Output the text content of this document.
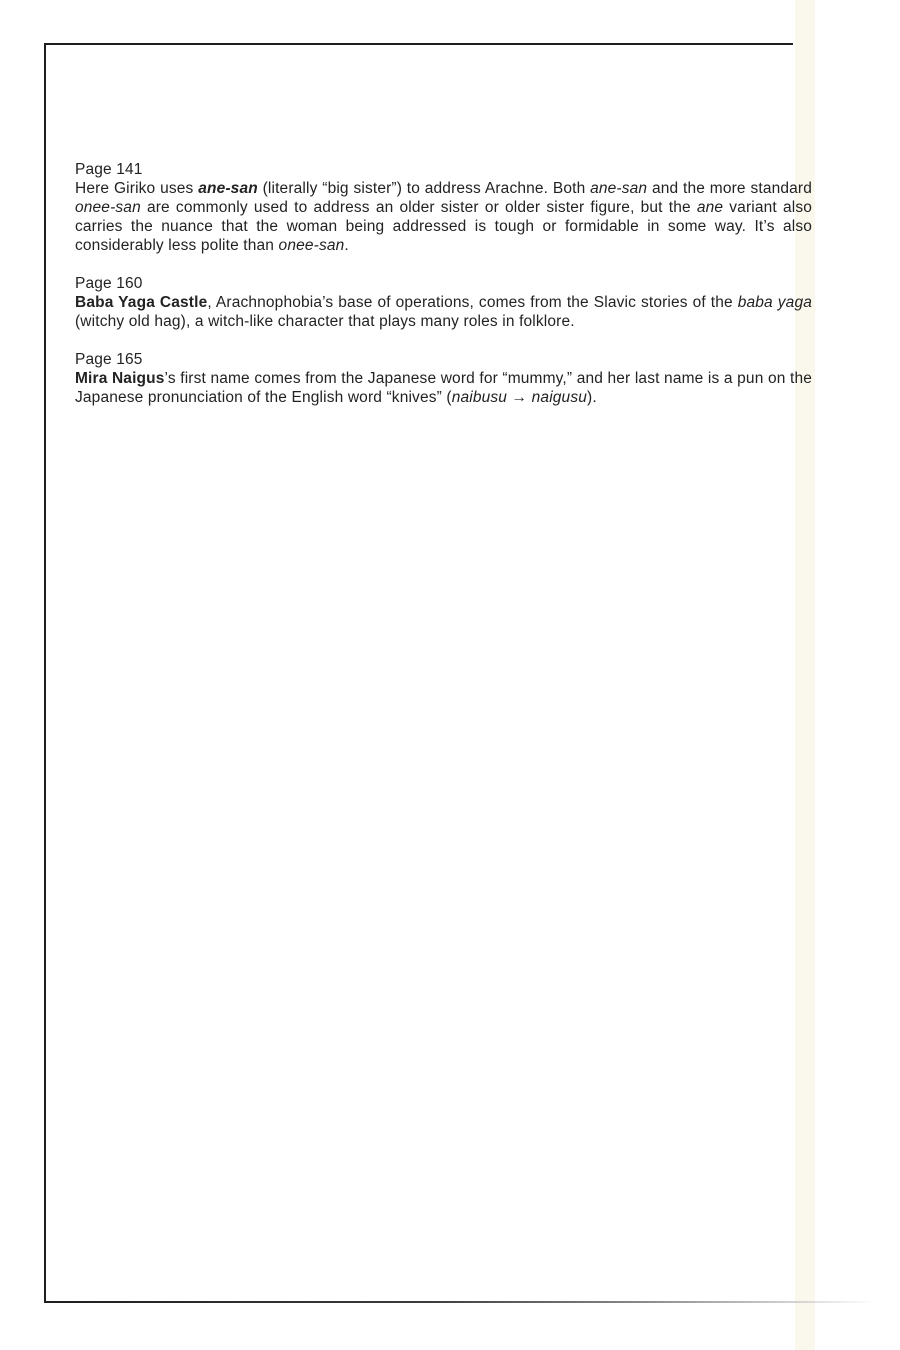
Page 141

Here Giriko uses ane-san (literally “big sister”) to address Arachne. Both ane-san and the more standard onee-san are commonly used to address an older sister or older sister figure, but the ane variant also carries the nuance that the woman being addressed is tough or formidable in some way. It’s also considerably less polite than onee-san.

Page 160

Baba Yaga Castle, Arachnophobia’s base of operations, comes from the Slavic stories of the baba yaga (witchy old hag), a witch-like character that plays many roles in folklore.

Page 165

Mira Naigus’s first name comes from the Japanese word for “mummy,” and her last name is a pun on the Japanese pronunciation of the English word “knives” (naibusu → naigusu).
